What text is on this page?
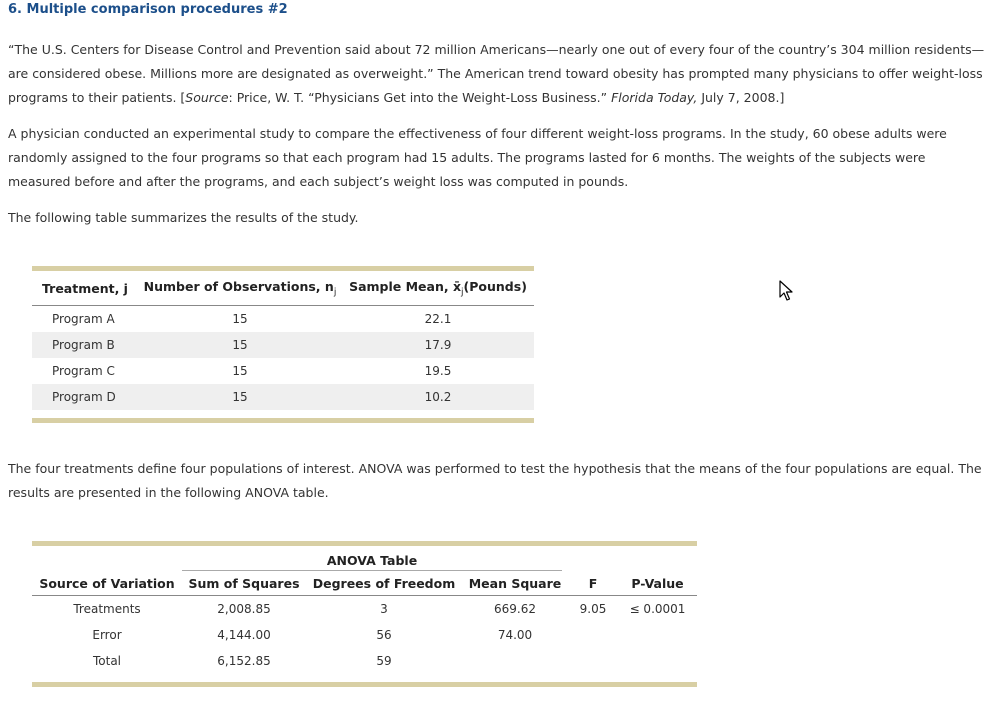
6. Multiple comparison procedures #2
“The U.S. Centers for Disease Control and Prevention said about 72 million Americans—nearly one out of every four of the country’s 304 million residents—are considered obese. Millions more are designated as overweight.” The American trend toward obesity has prompted many physicians to offer weight-loss programs to their patients. [Source: Price, W. T. “Physicians Get into the Weight-Loss Business.” Florida Today, July 7, 2008.]
A physician conducted an experimental study to compare the effectiveness of four different weight-loss programs. In the study, 60 obese adults were randomly assigned to the four programs so that each program had 15 adults. The programs lasted for 6 months. The weights of the subjects were measured before and after the programs, and each subject’s weight loss was computed in pounds.
The following table summarizes the results of the study.
Treatment, j	Number of Observations, $n_j$	Sample Mean, $x̄_j(Pounds)$
Program A	15	22.1
Program B	15	17.9
Program C	15	19.5
Program D	15	10.2
The four treatments define four populations of interest. ANOVA was performed to test the hypothesis that the means of the four populations are equal. The results are presented in the following ANOVA table.
ANOVA Table
Source of Variation	Sum of Squares	Degrees of Freedom	Mean Square	F	P-Value
Treatments	2,008.85	3	669.62	9.05	≤ 0.0001
Error	4,144.00	56	74.00
Total	6,152.85	59
